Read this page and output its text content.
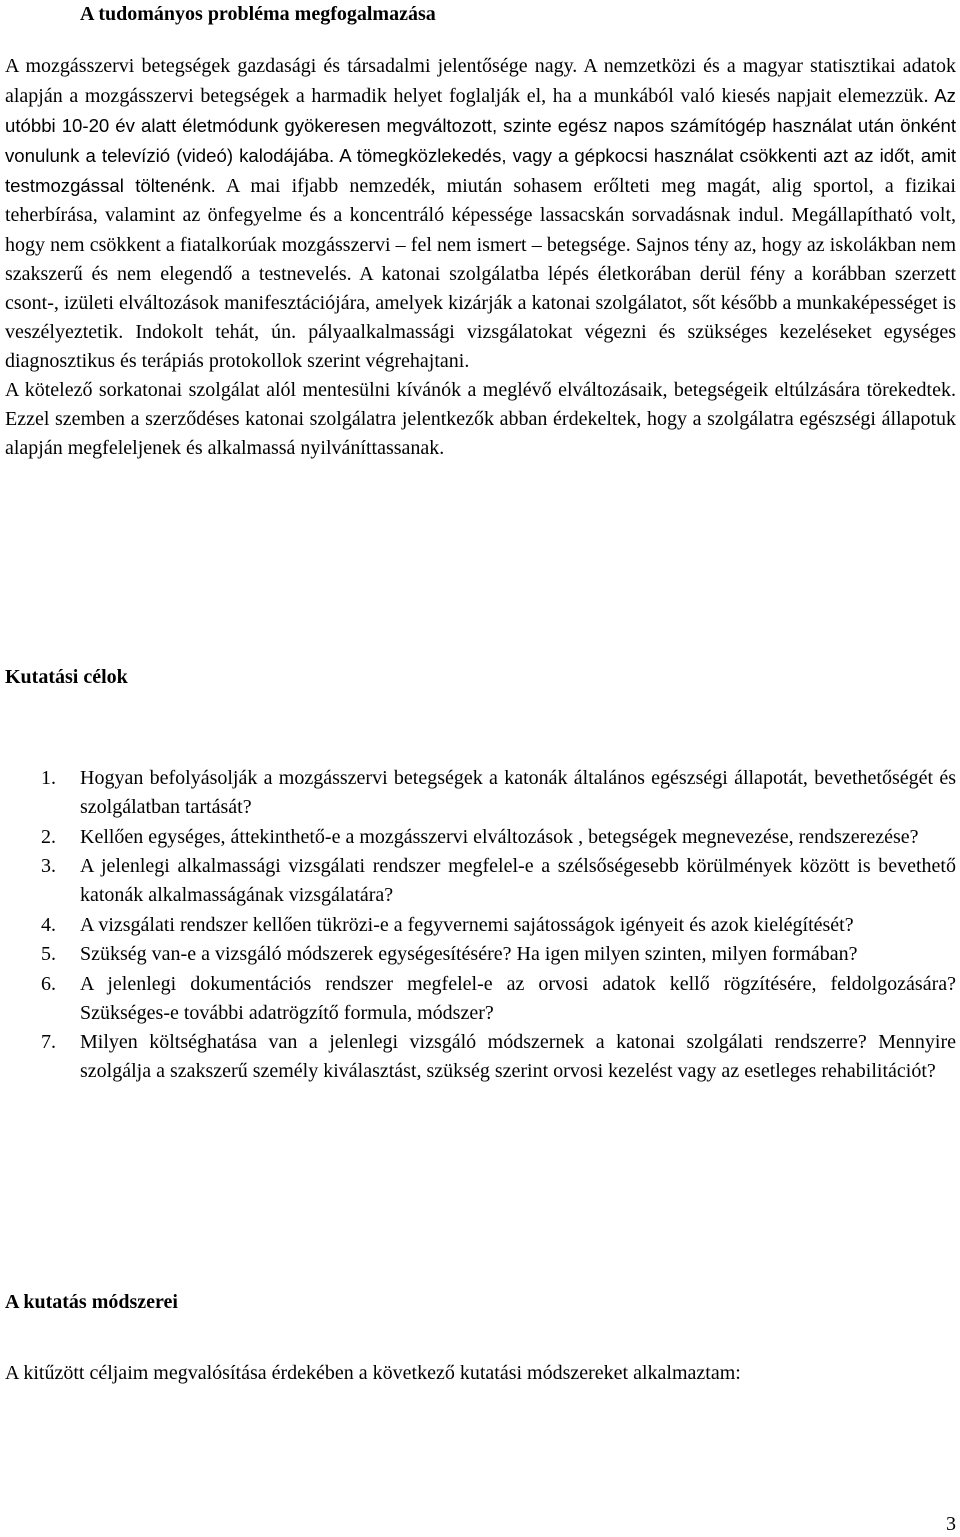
A tudományos probléma megfogalmazása

A mozgásszervi betegségek gazdasági és társadalmi jelentősége nagy. A nemzetközi és a magyar statisztikai adatok alapján a mozgásszervi betegségek a harmadik helyet foglalják el, ha a munkából való kiesés napjait elemezzük. Az utóbbi 10-20 év alatt életmódunk gyökeresen megváltozott, szinte egész napos számítógép használat után önként vonulunk a televízió (videó) kalodájába. A tömegközlekedés, vagy a gépkocsi használat csökkenti azt az időt, amit testmozgással töltenénk. A mai ifjabb nemzedék, miután sohasem erőlteti meg magát, alig sportol, a fizikai teherbírása, valamint az önfegyelme és a koncentráló képessége lassacskán sorvadásnak indul. Megállapítható volt, hogy nem csökkent a fiatalkorúak mozgásszervi – fel nem ismert – betegsége. Sajnos tény az, hogy az iskolákban nem szakszerű és nem elegendő a testnevelés. A katonai szolgálatba lépés életkorában derül fény a korábban szerzett csont-, izületi elváltozások manifesztációjára, amelyek kizárják a katonai szolgálatot, sőt később a munkaképességet is veszélyeztetik. Indokolt tehát, ún. pályaalkalmassági vizsgálatokat végezni és szükséges kezeléseket egységes diagnosztikus és terápiás protokollok szerint végrehajtani.

A kötelező sorkatonai szolgálat alól mentesülni kívánók a meglévő elváltozásaik, betegségeik eltúlzására törekedtek. Ezzel szemben a szerződéses katonai szolgálatra jelentkezők abban érdekeltek, hogy a szolgálatra egészségi állapotuk alapján megfeleljenek és alkalmassá nyilváníttassanak.

Kutatási célok
1. Hogyan befolyásolják a mozgásszervi betegségek a katonák általános egészségi állapotát, bevethetőségét és szolgálatban tartását?
2. Kellően egységes, áttekinthető-e a mozgásszervi elváltozások , betegségek megnevezése, rendszerezése?
3. A jelenlegi alkalmassági vizsgálati rendszer megfelel-e a szélsőségesebb körülmények között is bevethető katonák alkalmasságának vizsgálatára?
4. A vizsgálati rendszer kellően tükrözi-e a fegyvernemi sajátosságok igényeit és azok kielégítését?
5. Szükség van-e a vizsgáló módszerek egységesítésére? Ha igen milyen szinten, milyen formában?
6. A jelenlegi dokumentációs rendszer megfelel-e az orvosi adatok kellő rögzítésére, feldolgozására? Szükséges-e további adatrögzítő formula, módszer?
7. Milyen költséghatása van a jelenlegi vizsgáló módszernek a katonai szolgálati rendszerre? Mennyire szolgálja a szakszerű személy kiválasztást, szükség szerint orvosi kezelést vagy az esetleges rehabilitációt?
A kutatás módszerei

A kitűzött céljaim megvalósítása érdekében a következő kutatási módszereket alkalmaztam:

3
